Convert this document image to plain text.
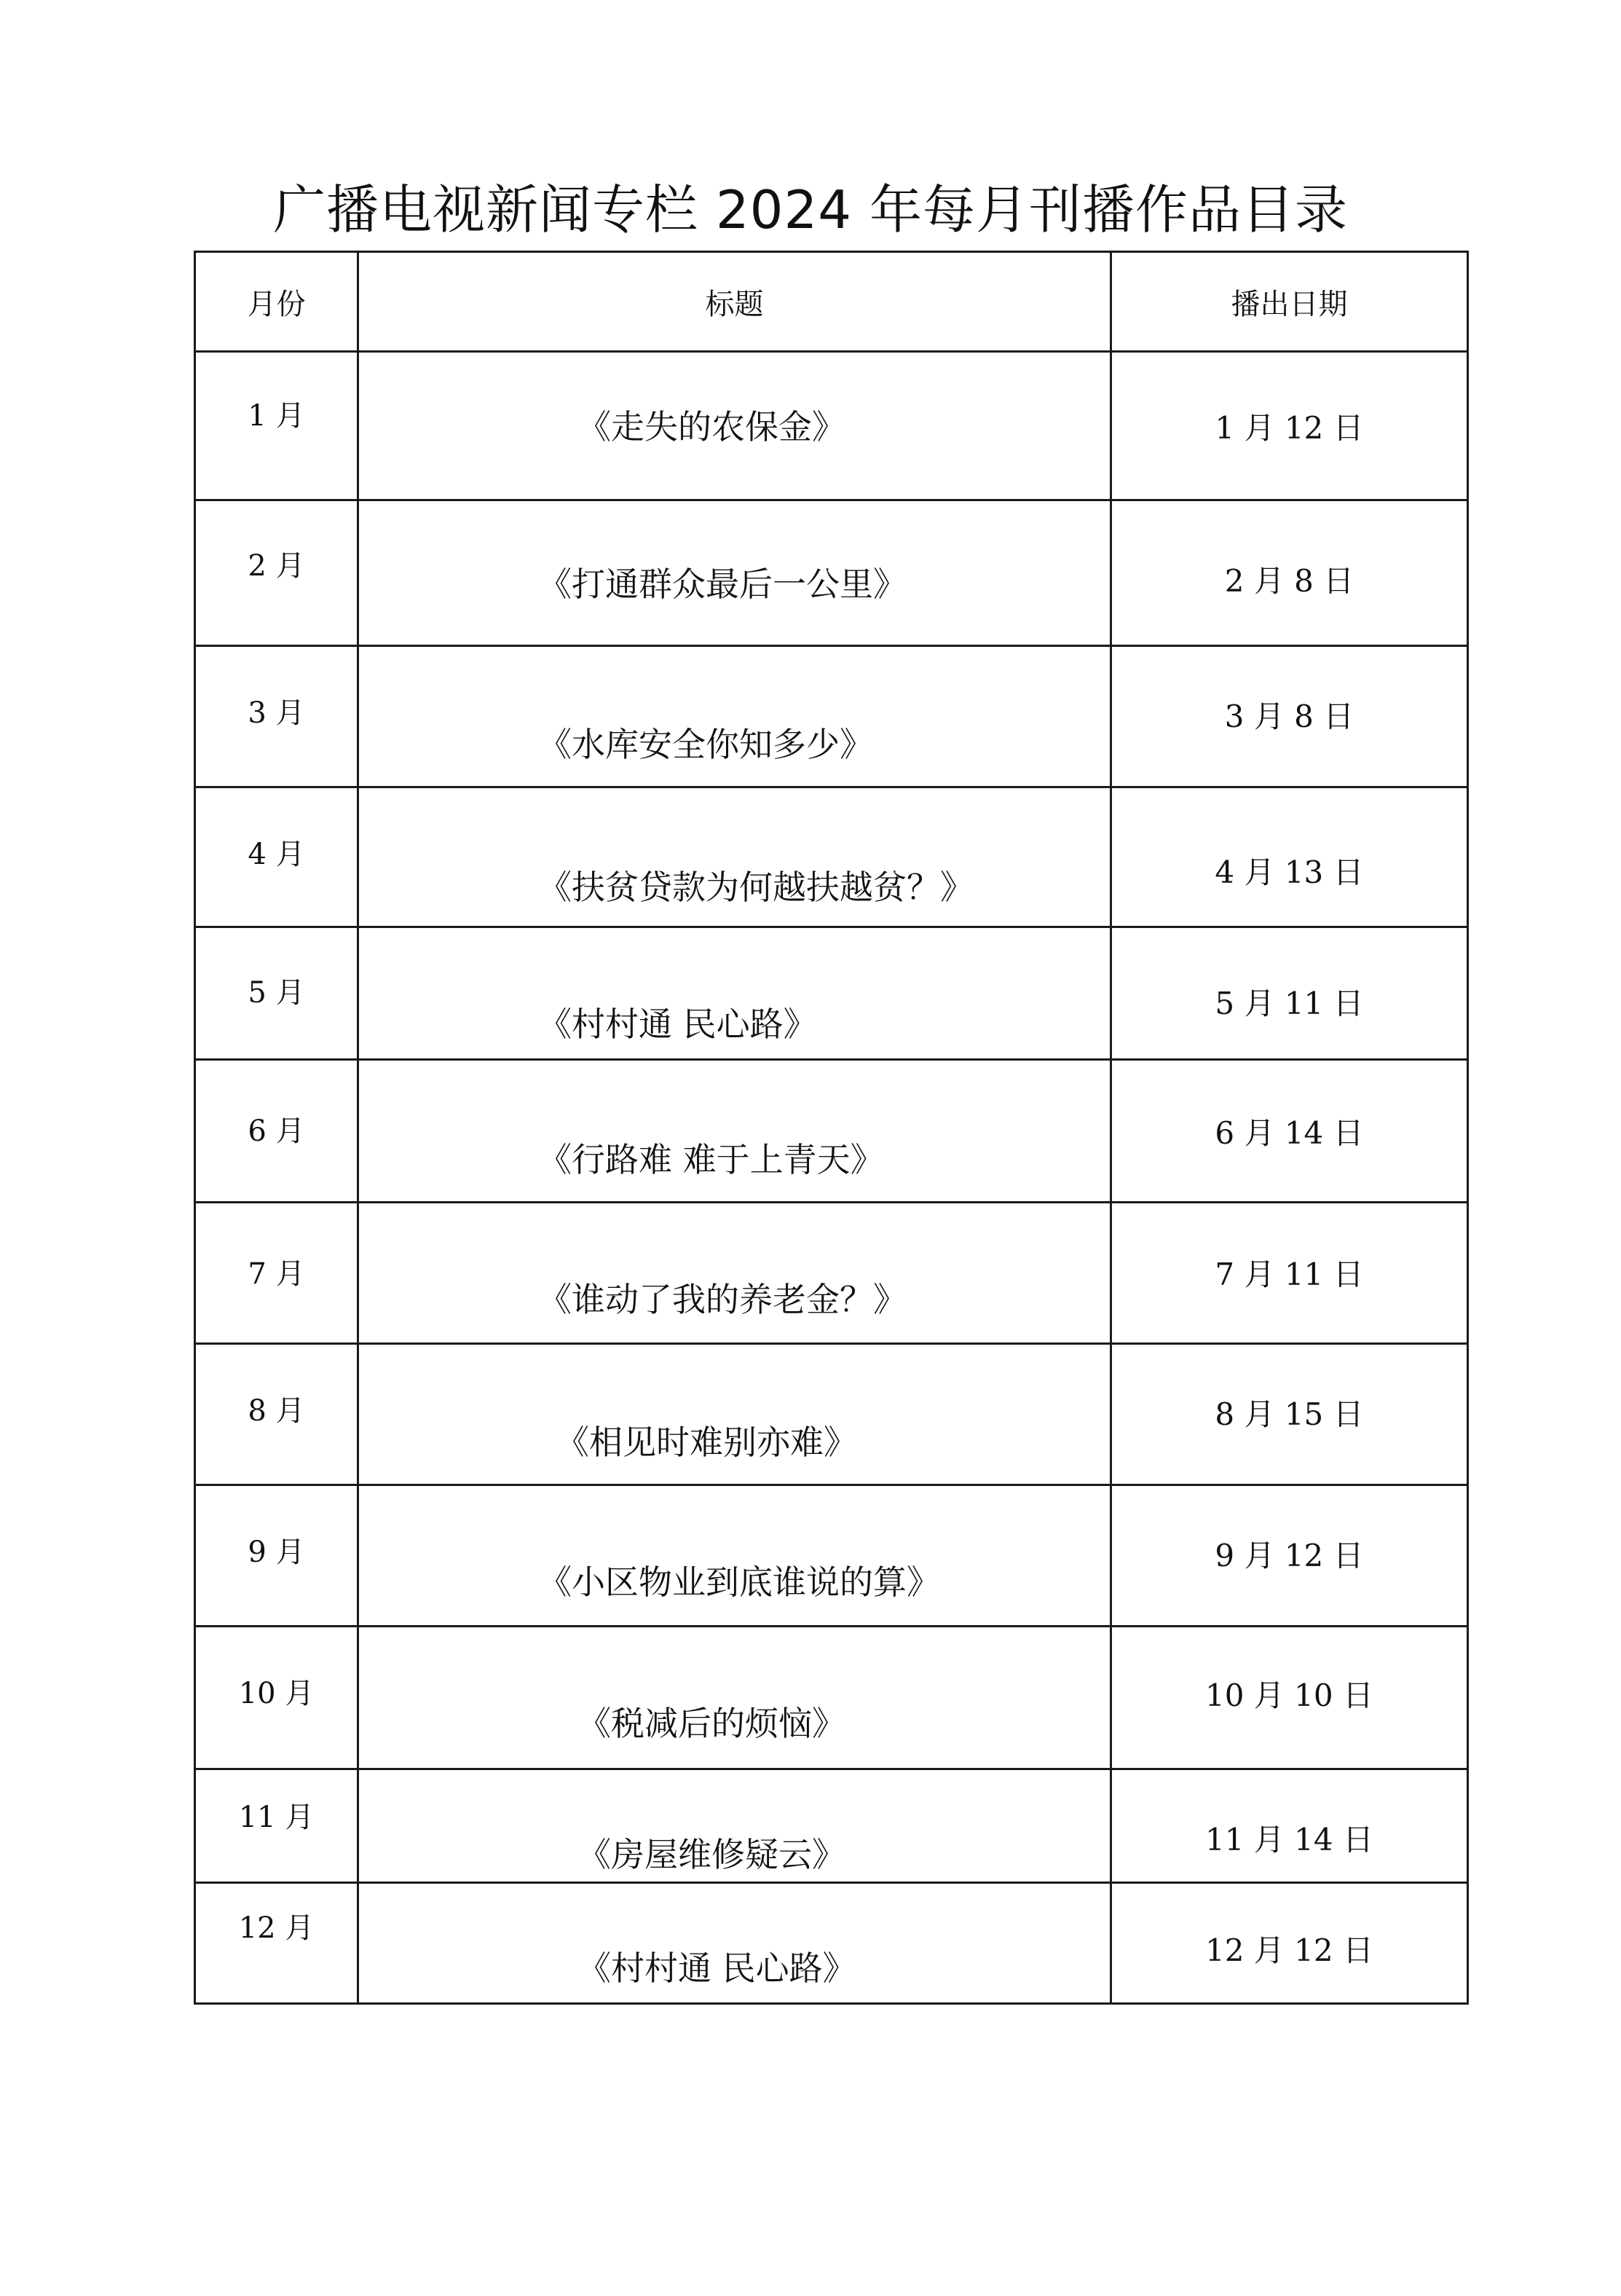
广播电视新闻专栏 2024 年每月刊播作品目录
月份	标题	播出日期

1 月	《走失的农保金》	1 月 12 日

2 月	《打通群众最后一公里》	2 月 8 日

3 月	《水库安全你知多少》	3 月 8 日

4 月	《扶贫贷款为何越扶越贫？》	4 月 13 日

5 月	《村村通 民心路》	5 月 11 日

6 月	《行路难 难于上青天》	6 月 14 日

7 月	《谁动了我的养老金？》	7 月 11 日

8 月	《相见时难别亦难》	8 月 15 日

9 月	《小区物业到底谁说的算》	9 月 12 日

10 月	《税减后的烦恼》	10 月 10 日

11 月	《房屋维修疑云》	11 月 14 日

12 月	《村村通 民心路》	12 月 12 日
